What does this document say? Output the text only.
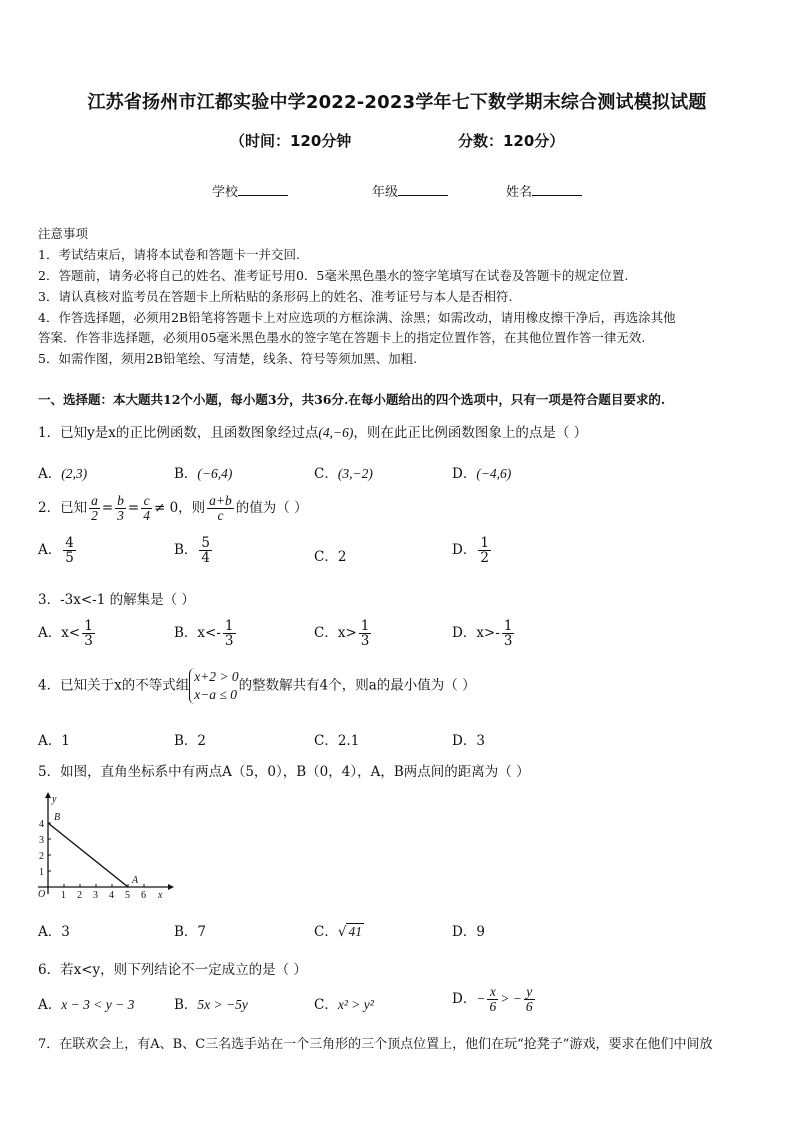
江苏省扬州市江都实验中学2022-2023学年七下数学期末综合测试模拟试题
（时间：120分钟	分数：120分）
学校	年级	姓名
注意事项
1．考试结束后，请将本试卷和答题卡一并交回.
2．答题前，请务必将自己的姓名、准考证号用0．5毫米黑色墨水的签字笔填写在试卷及答题卡的规定位置.
3．请认真核对监考员在答题卡上所粘贴的条形码上的姓名、准考证号与本人是否相符.
4．作答选择题，必须用2B铅笔将答题卡上对应选项的方框涂满、涂黑；如需改动，请用橡皮擦干净后，再选涂其他
答案．作答非选择题，必须用05毫米黑色墨水的签字笔在答题卡上的指定位置作答，在其他位置作答一律无效.
5．如需作图，须用2B铅笔绘、写清楚，线条、符号等须加黑、加粗.
一、选择题：本大题共12个小题，每小题3分，共36分.在每小题给出的四个选项中，只有一项是符合题目要求的.
1．已知y是x的正比例函数，且函数图象经过点(4,−6)，则在此正比例函数图象上的点是（ ）
A．(2,3)	B．(−6,4)	C．(3,−2)	D．(−4,6)
2．已知 $\frac{a}{2} = \frac{b}{3} = \frac{c}{4} \ne 0$，则 $\frac{a+b}{c}$ 的值为（ ）
A． $\frac{4}{5}$	B． $\frac{5}{4}$	C．2	D． $\frac{1}{2}$
3．-3x<-1 的解集是（ ）
A．$x< \frac{1}{3}$	B．$x<- \frac{1}{3}$	C．$x> \frac{1}{3}$	D．$x>- \frac{1}{3}$
4．已知关于x的不等式组
x+2 > 0
x−a ≤ 0
的整数解共有4个，则a的最小值为（ ）
A．1	B．2	C．2.1	D．3
5．如图，直角坐标系中有两点A（5，0），B（0，4），A，B两点间的距离为（ ）
1 2 3 4 5 6
1
2
3
4
O	x
y
B
A
A．3	B．7	C．√ 41	D．9
6．若x<y，则下列结论不一定成立的是（ ）
A．x − 3 < y − 3	B．5x > −5y	C．x² > y²	D．− $\frac{x}{6}$ > − $\frac{y}{6}$
7．在联欢会上，有A、B、C三名选手站在一个三角形的三个顶点位置上，他们在玩“抢凳子”游戏，要求在他们中间放
